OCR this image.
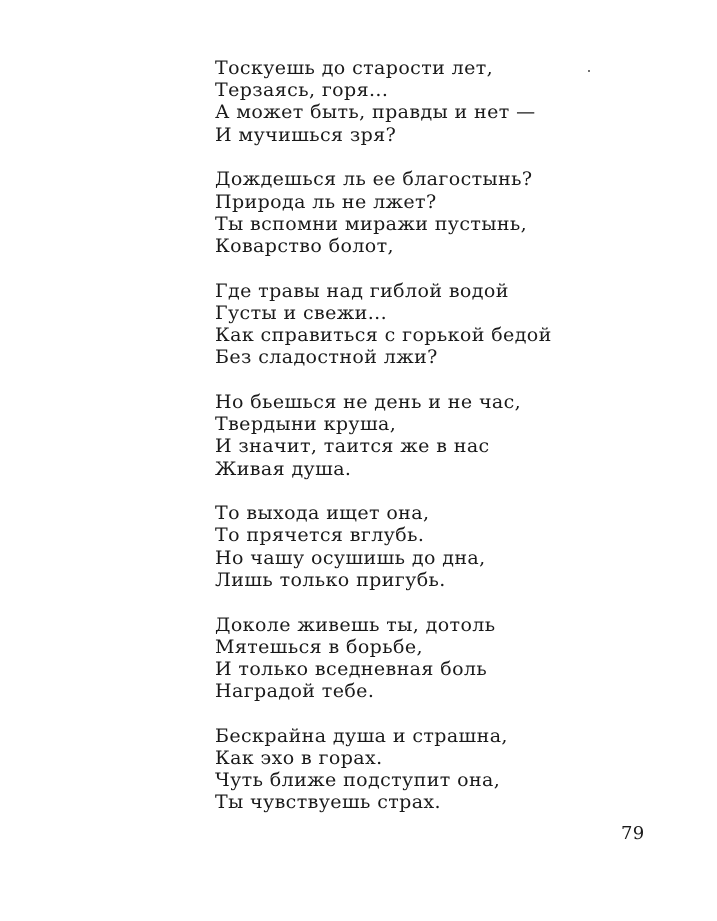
Тоскуешь до старости лет,
Терзаясь, горя...
А может быть, правды и нет —
И мучишься зря?
Дождешься ль ее благостынь?
Природа ль не лжет?
Ты вспомни миражи пустынь,
Коварство болот,
Где травы над гиблой водой
Густы и свежи...
Как справиться с горькой бедой
Без сладостной лжи?
Но бьешься не день и не час,
Твердыни круша,
И значит, таится же в нас
Живая душа.
То выхода ищет она,
То прячется вглубь.
Но чашу осушишь до дна,
Лишь только пригубь.
Доколе живешь ты, дотоль
Мятешься в борьбе,
И только вседневная боль
Наградой тебе.
Бескрайна душа и страшна,
Как эхо в горах.
Чуть ближе подступит она,
Ты чувствуешь страх.
79
